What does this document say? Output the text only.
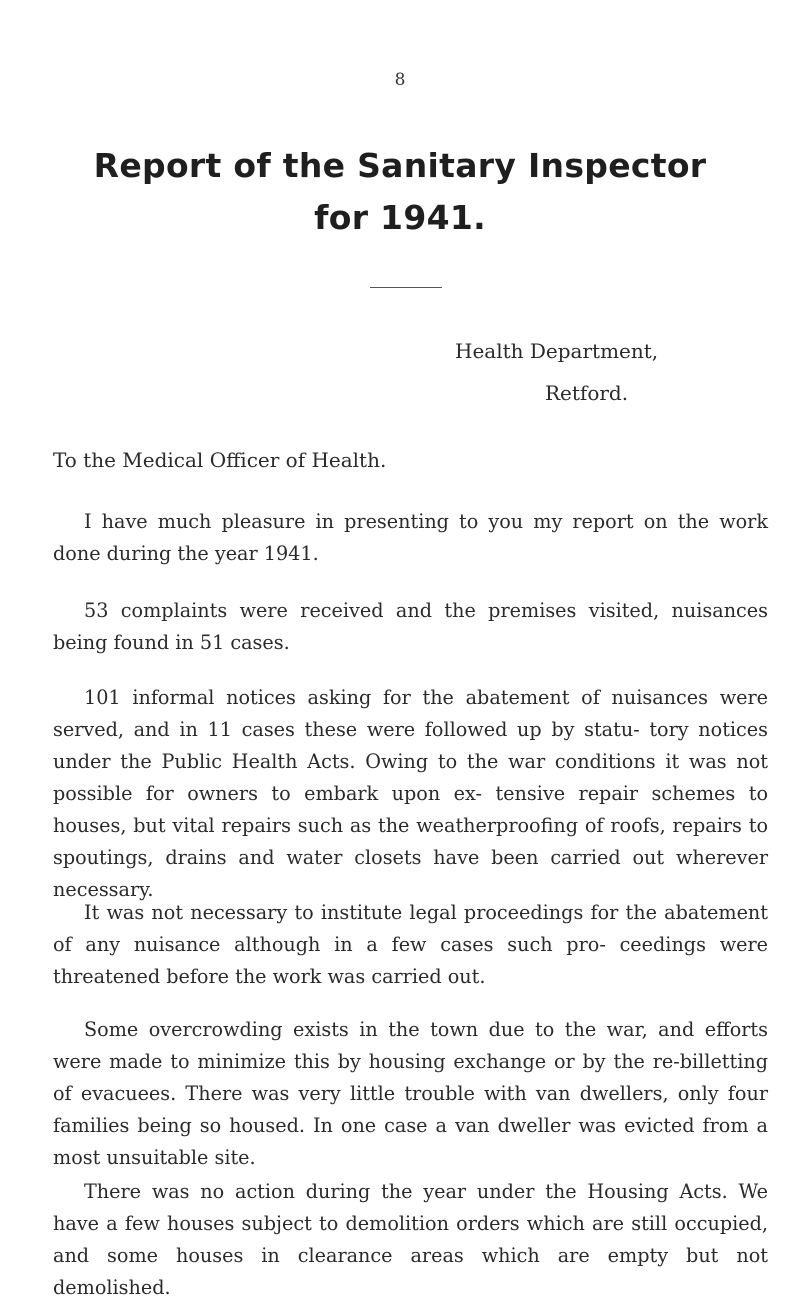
8
Report of the Sanitary Inspector
for 1941.
Health Department,
Retford.
To the Medical Officer of Health.

I have much pleasure in presenting to you my report on the work done during the year 1941.

53 complaints were received and the premises visited, nuisances being found in 51 cases.

101 informal notices asking for the abatement of nuisances were served, and in 11 cases these were followed up by statu- tory notices under the Public Health Acts. Owing to the war conditions it was not possible for owners to embark upon ex- tensive repair schemes to houses, but vital repairs such as the weatherproofing of roofs, repairs to spoutings, drains and water closets have been carried out wherever necessary.

It was not necessary to institute legal proceedings for the abatement of any nuisance although in a few cases such pro- ceedings were threatened before the work was carried out.

Some overcrowding exists in the town due to the war, and efforts were made to minimize this by housing exchange or by the re-billetting of evacuees. There was very little trouble with van dwellers, only four families being so housed. In one case a van dweller was evicted from a most unsuitable site.

There was no action during the year under the Housing Acts. We have a few houses subject to demolition orders which are still occupied, and some houses in clearance areas which are empty but not demolished.
